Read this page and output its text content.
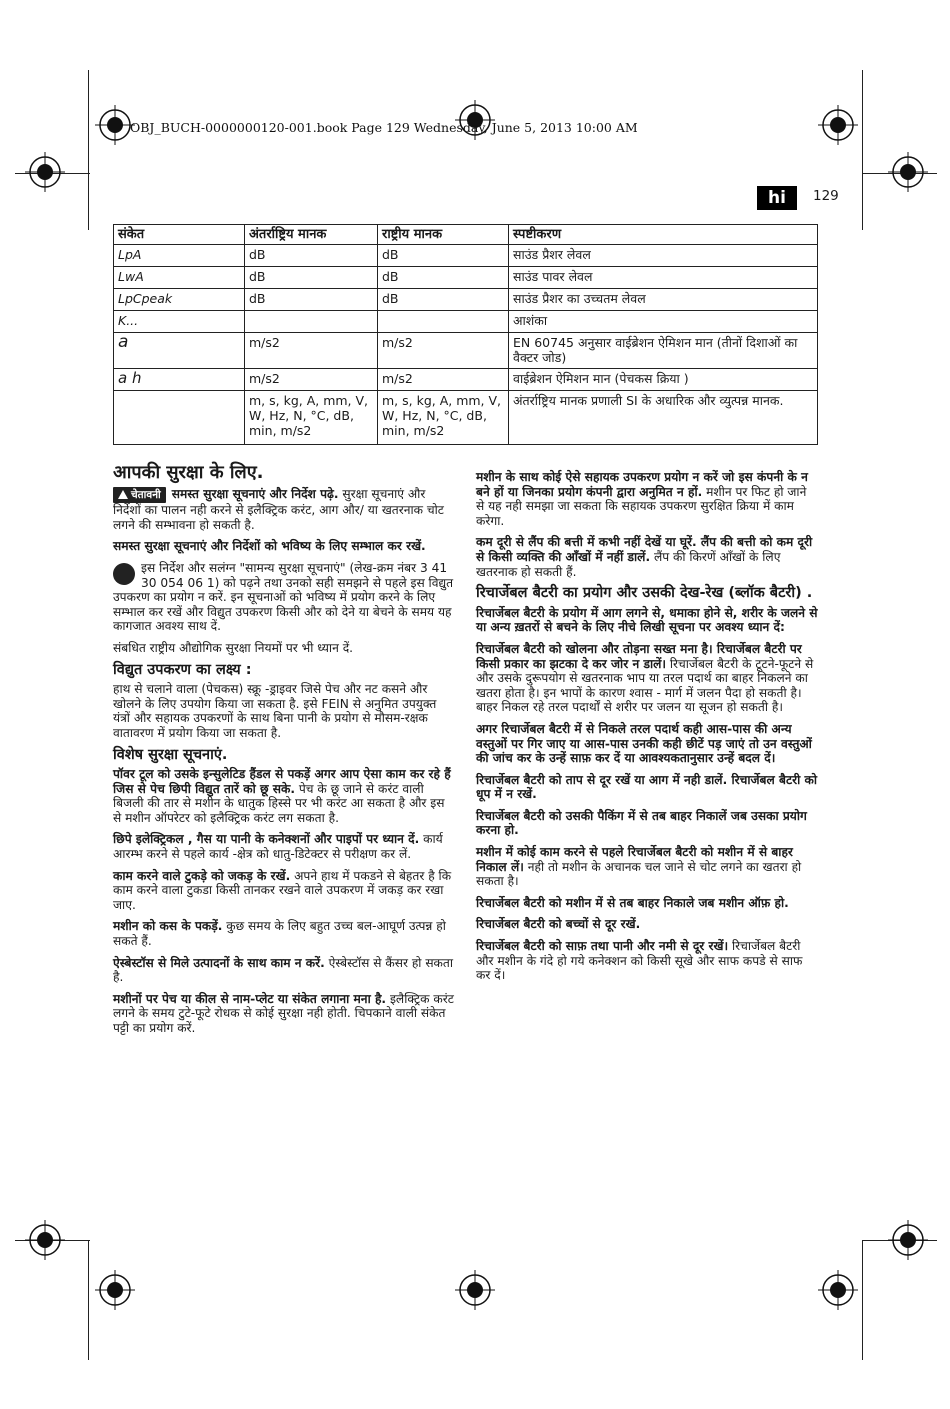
OBJ_BUCH-0000000120-001.book Page 129 Wednesday, June 5, 2013 10:00 AM
hi	129
संकेत	अंतर्राष्ट्रिय मानक	राष्ट्रीय मानक	स्पष्टीकरण
LpA	dB	dB	साउंड प्रैशर लेवल
LwA	dB	dB	साउंड पावर लेवल
LpCpeak	dB	dB	साउंड प्रैशर का उच्चतम लेवल
K...			आशंका
a	m/s2	m/s2	EN 60745 अनुसार वाईब्रेशन ऐमिशन मान (तीनों दिशाओं का वैक्टर जोड)
a h	m/s2	m/s2	वाईब्रेशन ऐमिशन मान (पेचकस क्रिया )
	m, s, kg, A, mm, V, W, Hz, N, °C, dB, min, m/s2	m, s, kg, A, mm, V, W, Hz, N, °C, dB, min, m/s2	अंतर्राष्ट्रिय मानक प्रणाली SI के अधारिक और व्युत्पन्न मानक.
आपकी सुरक्षा के लिए.

चेतावनी समस्त सुरक्षा सूचनाएं और निर्देश पढ़े. सुरक्षा सूचनाएं और निर्देशों का पालन नही करने से इलैक्ट्रिक करंट, आग और/ या खतरनाक चोट लगने की सम्भावना हो सकती है.

समस्त सुरक्षा सूचनाएं और निर्देशों को भविष्य के लिए सम्भाल कर रखें.

इस निर्देश और सलंग्न "सामन्य सुरक्षा सूचनाएं" (लेख-क्रम नंबर 3 41 30 054 06 1) को पढ़ने तथा उनको सही समझने से पहले इस विद्युत उपकरण का प्रयोग न करें. इन सूचनाओं को भविष्य में प्रयोग करने के लिए सम्भाल कर रखें और विद्युत उपकरण किसी और को देने या बेचने के समय यह कागजात अवश्य साथ दें.

संबधित राष्ट्रीय औद्योगिक सुरक्षा नियमों पर भी ध्यान दें.

विद्युत उपकरण का लक्ष्य :

हाथ से चलाने वाला (पेचकस) स्क्रू -ड्राइवर जिसे पेच और नट कसने और खोलने के लिए उपयोग किया जा सकता है. इसे FEIN से अनुमित उपयुक्त यंत्रों और सहायक उपकरणों के साथ बिना पानी के प्रयोग से मौसम-रक्षक वातावरण में प्रयोग किया जा सकता है.

विशेष सुरक्षा सूचनाएं.

पॉवर टूल को उसके इन्सुलेटिड हैंडल से पकड़ें अगर आप ऐसा काम कर रहे हैं जिस से पेच छिपी विद्युत तारें को छू सके. पेच के छू जाने से करंट वाली बिजली की तार से मशीन के धातुक हिस्से पर भी करंट आ सकता है और इस से मशीन ऑपरेटर को इलैक्ट्रिक करंट लग सकता है.

छिपे इलेक्ट्रिकल , गैस या पानी के कनेक्शनों और पाइपों पर ध्यान दें. कार्य आरम्भ करने से पहले कार्य -क्षेत्र को धातु-डिटेक्टर से परीक्षण कर लें.

काम करने वाले टुकड़े को जकड़ के रखें. अपने हाथ में पकडने से बेहतर है कि काम करने वाला टुकडा किसी तानकर रखने वाले उपकरण में जकड़ कर रखा जाए.

मशीन को कस के पकड़ें. कुछ समय के लिए बहुत उच्च बल-आघूर्ण उत्पन्न हो सकते हैं.

ऐस्बेस्टॉस से मिले उत्पादनों के साथ काम न करें. ऐस्बेस्टॉस से कैंसर हो सकता है.

मशीनों पर पेच या कील से नाम-प्लेट या संकेत लगाना मना है. इलैक्ट्रिक करंट लगने के समय टुटे-फूटे रोधक से कोई सुरक्षा नही होती. चिपकाने वाली संकेत पट्टी का प्रयोग करें.

मशीन के साथ कोई ऐसे सहायक उपकरण प्रयोग न करें जो इस कंपनी के न बने हों या जिनका प्रयोग कंपनी द्वारा अनुमित न हों. मशीन पर फिट हो जाने से यह नही समझा जा सकता कि सहायक उपकरण सुरक्षित क्रिया में काम करेगा.

कम दूरी से लैंप की बत्ती में कभी नहीं देखें या घूरें. लैंप की बत्ती को कम दूरी से किसी व्यक्ति की आँखों में नहीं डालें. लैंप की किरणें आँखों के लिए खतरनाक हो सकती हैं.

रिचार्जेबल बैटरी का प्रयोग और उसकी देख-रेख (ब्लॉक बैटरी) .

रिचार्जेबल बैटरी के प्रयोग में आग लगने से, धमाका होने से, शरीर के जलने से या अन्य ख़तरों से बचने के लिए नीचे लिखी सूचना पर अवश्य ध्यान दें:

रिचार्जेबल बैटरी को खोलना और तोड़ना सख्त मना है। रिचार्जेबल बैटरी पर किसी प्रकार का झटका दे कर जोर न डालें। रिचार्जेबल बैटरी के टूटने-फूटने से और उसके दुरूपयोग से खतरनाक भाप या तरल पदार्थ का बाहर निकलने का खतरा होता है। इन भापों के कारण श्वास - मार्ग में जलन पैदा हो सकती है। बाहर निकल रहे तरल पदार्थों से शरीर पर जलन या सूजन हो सकती है।

अगर रिचार्जेबल बैटरी में से निकले तरल पदार्थ कही आस-पास की अन्य वस्तुओं पर गिर जाए या आस-पास उनकी कही छीटें पड़ जाएं तो उन वस्तुओं की जांच कर के उन्हें साफ़ कर दें या आवश्यकतानुसार उन्हें बदल दें।

रिचार्जेबल बैटरी को ताप से दूर रखें या आग में नही डालें. रिचार्जेबल बैटरी को धूप में न रखें.

रिचार्जेबल बैटरी को उसकी पैकिंग में से तब बाहर निकालें जब उसका प्रयोग करना हो.

मशीन में कोई काम करने से पहले रिचार्जेबल बैटरी को मशीन में से बाहर निकाल लें। नही तो मशीन के अचानक चल जाने से चोट लगने का खतरा हो सकता है।

रिचार्जेबल बैटरी को मशीन में से तब बाहर निकाले जब मशीन ऑफ़ हो.

रिचार्जेबल बैटरी को बच्चों से दूर रखें.

रिचार्जेबल बैटरी को साफ़ तथा पानी और नमी से दूर रखें। रिचार्जेबल बैटरी और मशीन के गंदे हो गये कनेक्शन को किसी सूखे और साफ कपडे से साफ कर दें।
